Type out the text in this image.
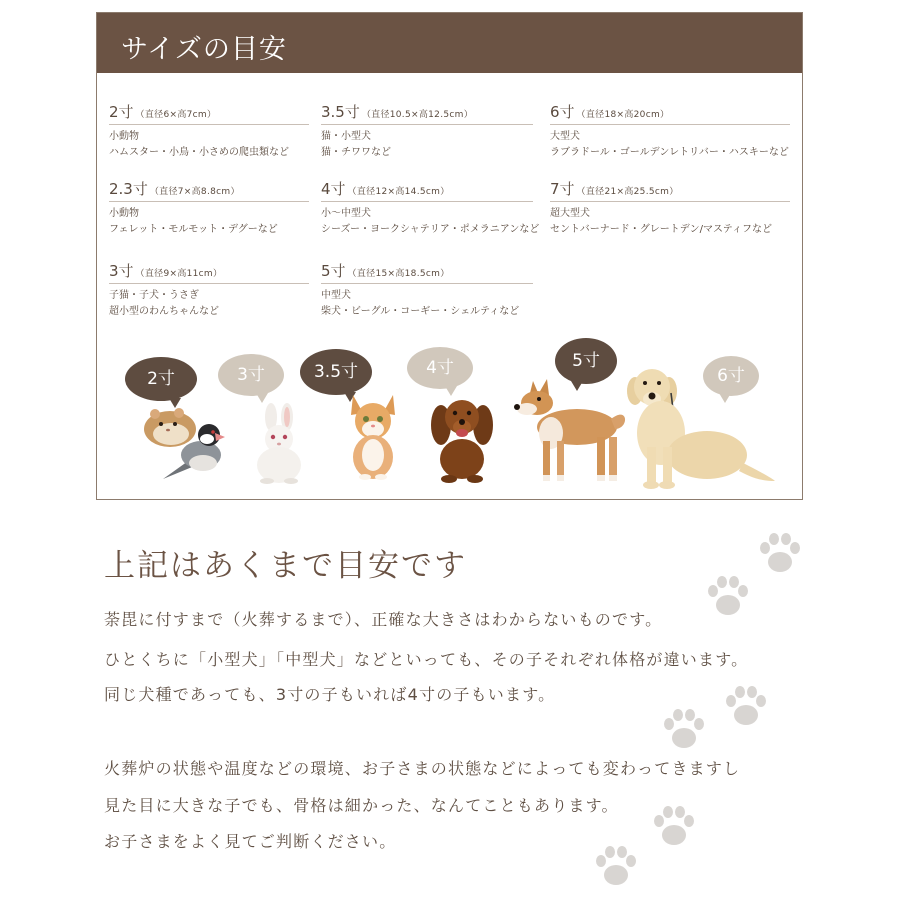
サイズの目安
2寸 （直径6×高7cm）
小動物
ハムスター・小鳥・小さめの爬虫類など
2.3寸 （直径7×高8.8cm）
小動物
フェレット・モルモット・デグーなど
3寸 （直径9×高11cm）
子猫・子犬・うさぎ
超小型のわんちゃんなど
3.5寸 （直径10.5×高12.5cm）
猫・小型犬
猫・チワワなど
4寸 （直径12×高14.5cm）
小～中型犬
シーズー・ヨークシャテリア・ポメラニアンなど
5寸 （直径15×高18.5cm）
中型犬
柴犬・ビーグル・コーギー・シェルティなど
6寸 （直径18×高20cm）
大型犬
ラブラドール・ゴールデンレトリバー・ハスキーなど
7寸 （直径21×高25.5cm）
超大型犬
セントバーナード・グレートデン/マスティフなど
2寸	3寸	3.5寸	4寸	5寸
6寸
上記はあくまで目安です
荼毘に付すまで（火葬するまで）、正確な大きさはわからないものです。
ひとくちに「小型犬」「中型犬」などといっても、その子それぞれ体格が違います。
同じ犬種であっても、3寸の子もいれば4寸の子もいます。
火葬炉の状態や温度などの環境、お子さまの状態などによっても変わってきますし
見た目に大きな子でも、骨格は細かった、なんてこともあります。
お子さまをよく見てご判断ください。
